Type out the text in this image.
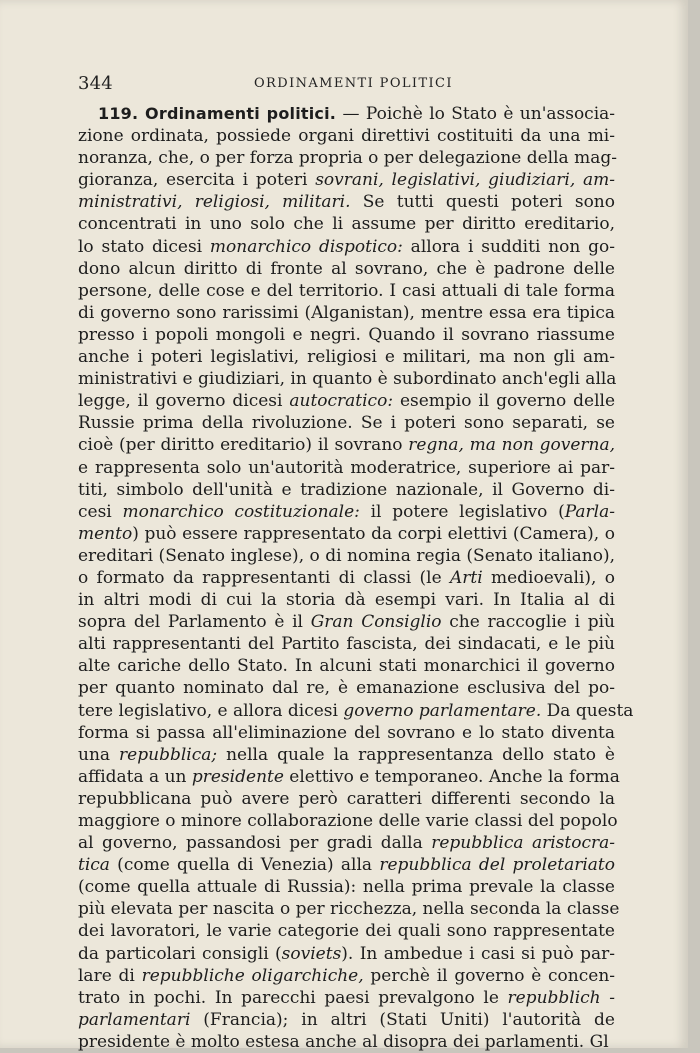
344	ORDINAMENTI POLITICI
119. Ordinamenti politici. — Poichè lo Stato è un'associa-
zione ordinata, possiede organi direttivi costituiti da una mi-
noranza, che, o per forza propria o per delegazione della mag-
gioranza, esercita i poteri sovrani, legislativi, giudiziari, am-
ministrativi, religiosi, militari. Se tutti questi poteri sono
concentrati in uno solo che li assume per diritto ereditario,
lo stato dicesi monarchico dispotico: allora i sudditi non go-
dono alcun diritto di fronte al sovrano, che è padrone delle
persone, delle cose e del territorio. I casi attuali di tale forma
di governo sono rarissimi (Alganistan), mentre essa era tipica
presso i popoli mongoli e negri. Quando il sovrano riassume
anche i poteri legislativi, religiosi e militari, ma non gli am-
ministrativi e giudiziari, in quanto è subordinato anch'egli alla
legge, il governo dicesi autocratico: esempio il governo delle
Russie prima della rivoluzione. Se i poteri sono separati, se
cioè (per diritto ereditario) il sovrano regna, ma non governa,
e rappresenta solo un'autorità moderatrice, superiore ai par-
titi, simbolo dell'unità e tradizione nazionale, il Governo di-
cesi monarchico costituzionale: il potere legislativo (Parla-
mento) può essere rappresentato da corpi elettivi (Camera), o
ereditari (Senato inglese), o di nomina regia (Senato italiano),
o formato da rappresentanti di classi (le Arti medioevali), o
in altri modi di cui la storia dà esempi vari. In Italia al di
sopra del Parlamento è il Gran Consiglio che raccoglie i più
alti rappresentanti del Partito fascista, dei sindacati, e le più
alte cariche dello Stato. In alcuni stati monarchici il governo
per quanto nominato dal re, è emanazione esclusiva del po-
tere legislativo, e allora dicesi governo parlamentare. Da questa
forma si passa all'eliminazione del sovrano e lo stato diventa
una repubblica; nella quale la rappresentanza dello stato è
affidata a un presidente elettivo e temporaneo. Anche la forma
repubblicana può avere però caratteri differenti secondo la
maggiore o minore collaborazione delle varie classi del popolo
al governo, passandosi per gradi dalla repubblica aristocra-
tica (come quella di Venezia) alla repubblica del proletariato
(come quella attuale di Russia): nella prima prevale la classe
più elevata per nascita o per ricchezza, nella seconda la classe
dei lavoratori, le varie categorie dei quali sono rappresentate
da particolari consigli (soviets). In ambedue i casi si può par-
lare di repubbliche oligarchiche, perchè il governo è concen-
trato in pochi. In parecchi paesi prevalgono le repubblich -
parlamentari (Francia); in altri (Stati Uniti) l'autorità de
presidente è molto estesa anche al disopra dei parlamenti. Gl
